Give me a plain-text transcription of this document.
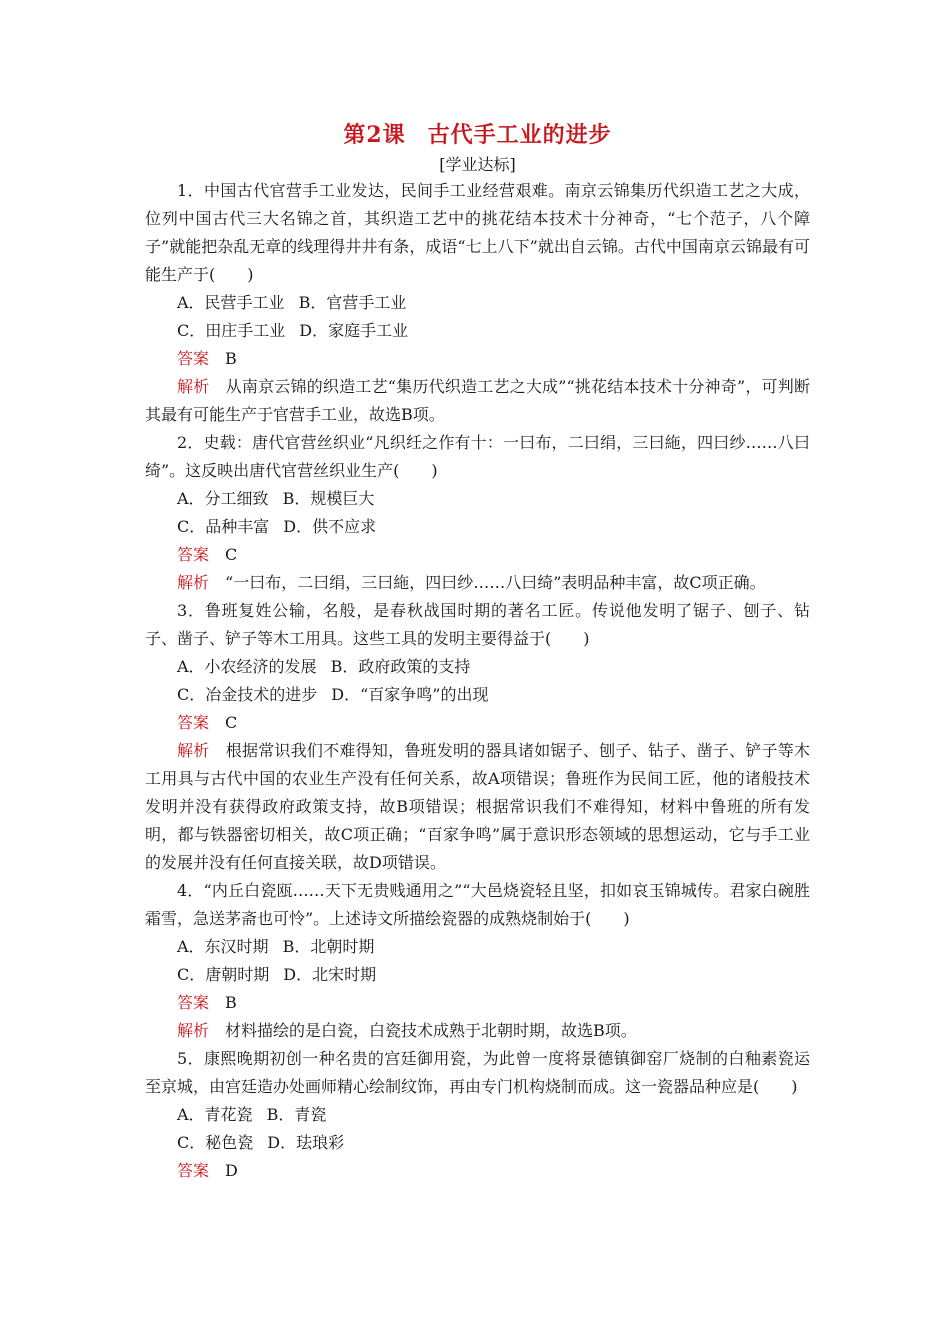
第2课 古代手工业的进步
[学业达标]

1．中国古代官营手工业发达，民间手工业经营艰难。南京云锦集历代织造工艺之大成，位列中国古代三大名锦之首，其织造工艺中的挑花结本技术十分神奇，“七个范子，八个障子”就能把杂乱无章的线理得井井有条，成语“七上八下”就出自云锦。古代中国南京云锦最有可能生产于(　　)

A．民营手工业 B．官营手工业

C．田庄手工业 D．家庭手工业

答案 B

解析 从南京云锦的织造工艺“集历代织造工艺之大成”“挑花结本技术十分神奇”，可判断其最有可能生产于官营手工业，故选B项。

2．史载：唐代官营丝织业“凡织纴之作有十：一曰布，二曰绢，三曰絁，四曰纱……八曰绮”。这反映出唐代官营丝织业生产(　　)

A．分工细致 B．规模巨大

C．品种丰富 D．供不应求

答案 C

解析 “一曰布，二曰绢，三曰絁，四曰纱……八曰绮”表明品种丰富，故C项正确。

3．鲁班复姓公输，名般，是春秋战国时期的著名工匠。传说他发明了锯子、刨子、钻子、凿子、铲子等木工用具。这些工具的发明主要得益于(　　)

A．小农经济的发展 B．政府政策的支持

C．冶金技术的进步 D．“百家争鸣”的出现

答案 C

解析 根据常识我们不难得知，鲁班发明的器具诸如锯子、刨子、钻子、凿子、铲子等木工用具与古代中国的农业生产没有任何关系，故A项错误；鲁班作为民间工匠，他的诸般技术发明并没有获得政府政策支持，故B项错误；根据常识我们不难得知，材料中鲁班的所有发明，都与铁器密切相关，故C项正确；“百家争鸣”属于意识形态领域的思想运动，它与手工业的发展并没有任何直接关联，故D项错误。

4．“内丘白瓷瓯……天下无贵贱通用之”“大邑烧瓷轻且坚，扣如哀玉锦城传。君家白碗胜霜雪，急送茅斋也可怜”。上述诗文所描绘瓷器的成熟烧制始于(　　)

A．东汉时期 B．北朝时期

C．唐朝时期 D．北宋时期

答案 B

解析 材料描绘的是白瓷，白瓷技术成熟于北朝时期，故选B项。

5．康熙晚期初创一种名贵的宫廷御用瓷，为此曾一度将景德镇御窑厂烧制的白釉素瓷运至京城，由宫廷造办处画师精心绘制纹饰，再由专门机构烧制而成。这一瓷器品种应是(　　)

A．青花瓷 B．青瓷

C．秘色瓷 D．珐琅彩

答案 D
